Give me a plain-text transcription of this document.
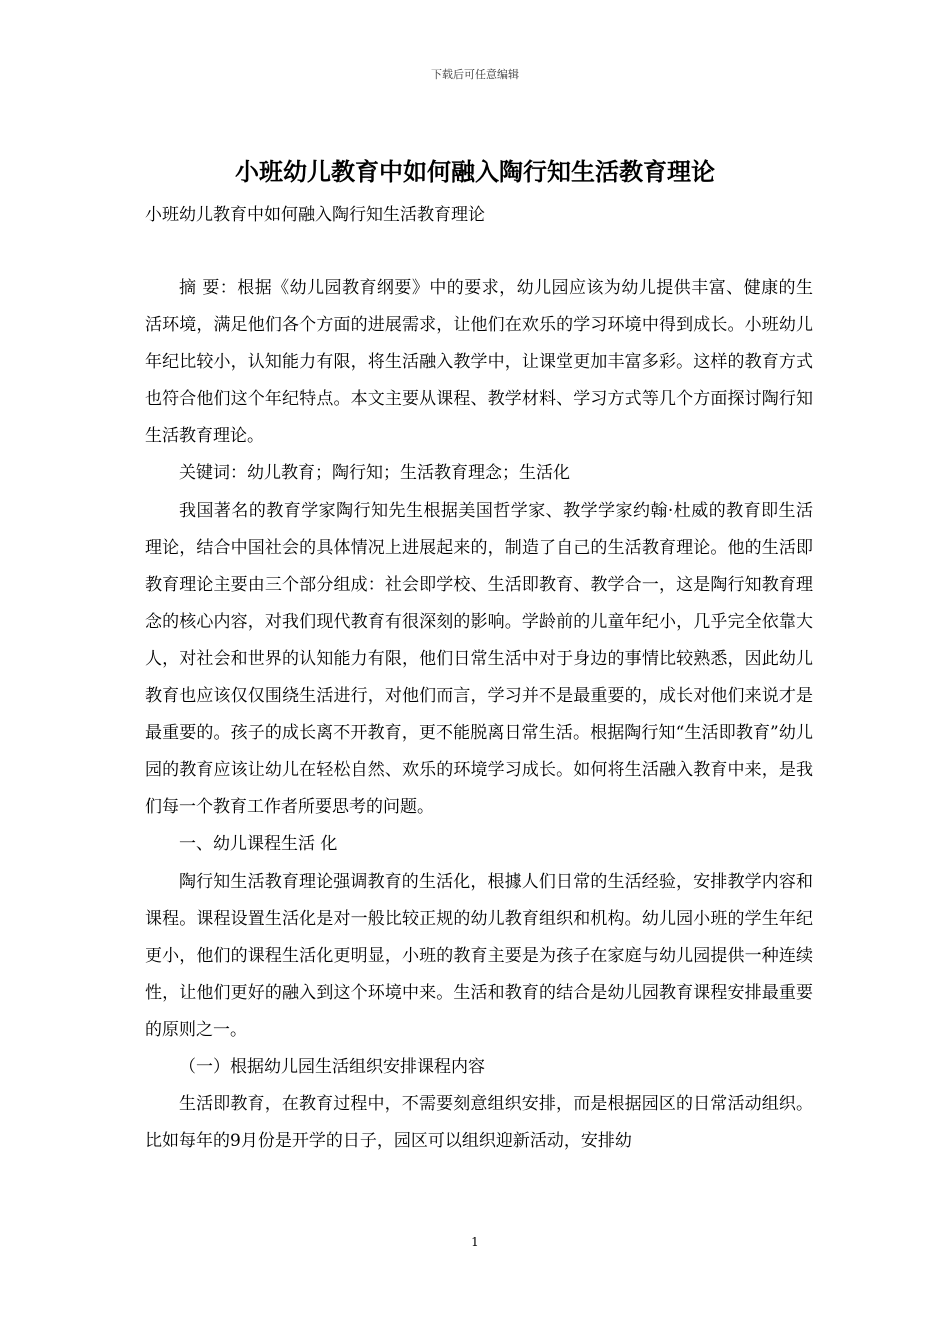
下载后可任意编辑
小班幼儿教育中如何融入陶行知生活教育理论

小班幼儿教育中如何融入陶行知生活教育理论

摘 要：根据《幼儿园教育纲要》中的要求，幼儿园应该为幼儿提供丰富、健康的生活环境，满足他们各个方面的进展需求，让他们在欢乐的学习环境中得到成长。小班幼儿年纪比较小，认知能力有限，将生活融入教学中，让课堂更加丰富多彩。这样的教育方式也符合他们这个年纪特点。本文主要从课程、教学材料、学习方式等几个方面探讨陶行知生活教育理论。

关键词：幼儿教育；陶行知；生活教育理念；生活化

我国著名的教育学家陶行知先生根据美国哲学家、教学学家约翰·杜威的教育即生活理论，结合中国社会的具体情况上进展起来的，制造了自己的生活教育理论。他的生活即教育理论主要由三个部分组成：社会即学校、生活即教育、教学合一，这是陶行知教育理念的核心内容，对我们现代教育有很深刻的影响。学龄前的儿童年纪小，几乎完全依靠大人，对社会和世界的认知能力有限，他们日常生活中对于身边的事情比较熟悉，因此幼儿教育也应该仅仅围绕生活进行，对他们而言，学习并不是最重要的，成长对他们来说才是最重要的。孩子的成长离不开教育，更不能脱离日常生活。根据陶行知“生活即教育”幼儿园的教育应该让幼儿在轻松自然、欢乐的环境学习成长。如何将生活融入教育中来，是我们每一个教育工作者所要思考的问题。

一、幼儿课程生活 化

陶行知生活教育理论强调教育的生活化，根據人们日常的生活经验，安排教学内容和课程。课程设置生活化是对一般比较正规的幼儿教育组织和机构。幼儿园小班的学生年纪更小，他们的课程生活化更明显，小班的教育主要是为孩子在家庭与幼儿园提供一种连续性，让他们更好的融入到这个环境中来。生活和教育的结合是幼儿园教育课程安排最重要的原则之一。

（一）根据幼儿园生活组织安排课程内容

生活即教育，在教育过程中，不需要刻意组织安排，而是根据园区的日常活动组织。比如每年的9月份是开学的日子，园区可以组织迎新活动，安排幼

1
